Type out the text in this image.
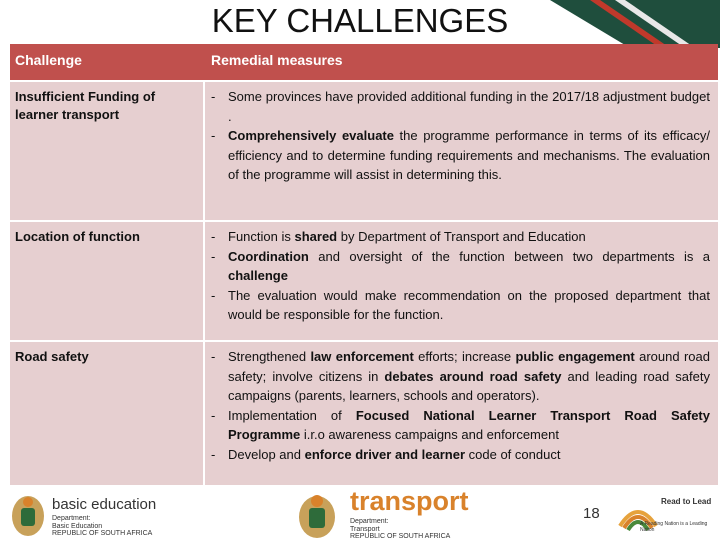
KEY CHALLENGES
Challenge	Remedial measures
Insufficient Funding of learner transport
- Some provinces have provided additional funding in the 2017/18 adjustment budget .
- Comprehensively evaluate the programme performance in terms of its efficacy/ efficiency and to determine funding requirements and mechanisms. The evaluation of the programme will assist in determining this.
Location of function	- Function is shared by Department of Transport and Education
- Coordination and oversight of the function between two departments is a challenge
- The evaluation would make recommendation on the proposed department that would be responsible for the function.
Road safety	- Strengthened law enforcement efforts; increase public engagement around road safety; involve citizens in debates around road safety and leading road safety campaigns (parents, learners, schools and operators).
- Implementation of Focused National Learner Transport Road Safety Programme i.r.o awareness campaigns and enforcement
- Develop and enforce driver and learner code of conduct
basic education
Department:
Basic Education
REPUBLIC OF SOUTH AFRICA
transport
Department:
Transport
REPUBLIC OF SOUTH AFRICA
Read to Lead
A Reading Nation is a Leading Nation
18
